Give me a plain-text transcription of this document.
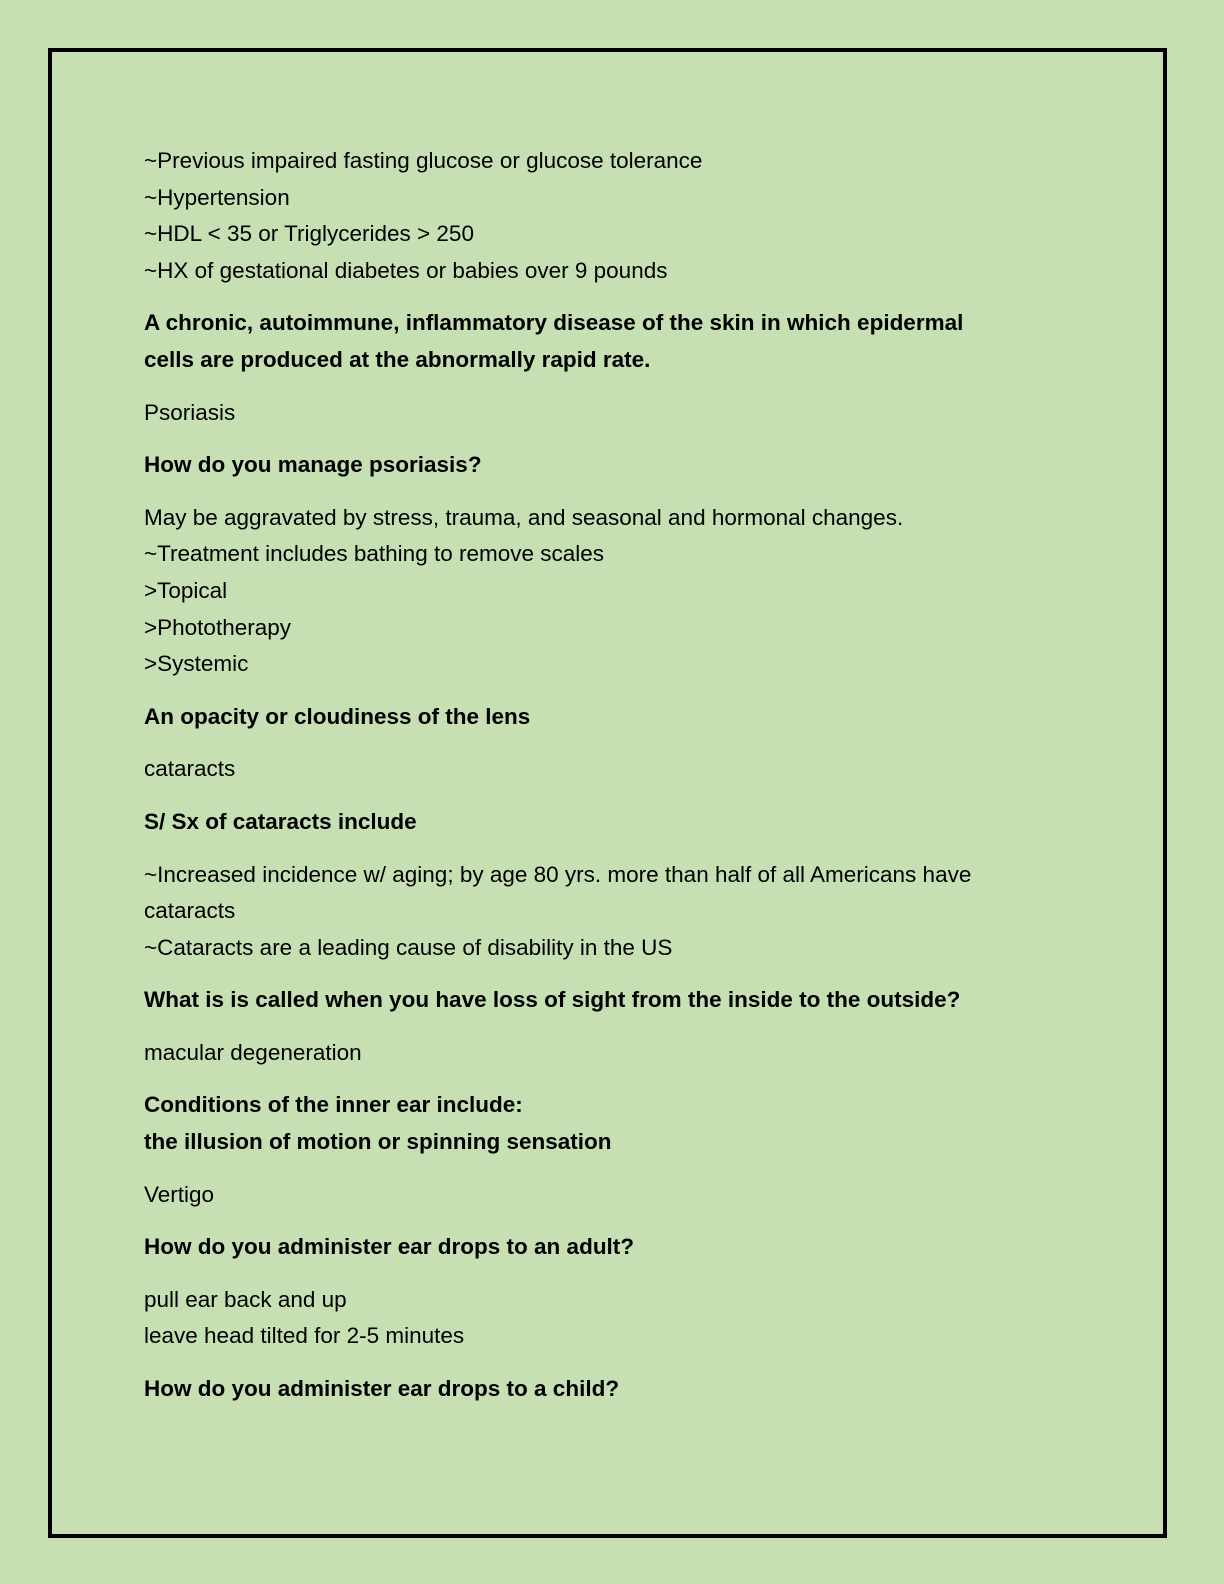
~Previous impaired fasting glucose or glucose tolerance
~Hypertension
~HDL < 35 or Triglycerides > 250
~HX of gestational diabetes or babies over 9 pounds
A chronic, autoimmune, inflammatory disease of the skin in which epidermal
cells are produced at the abnormally rapid rate.
Psoriasis
How do you manage psoriasis?
May be aggravated by stress, trauma, and seasonal and hormonal changes.
~Treatment includes bathing to remove scales
>Topical
>Phototherapy
>Systemic
An opacity or cloudiness of the lens
cataracts
S/ Sx of cataracts include
~Increased incidence w/ aging; by age 80 yrs. more than half of all Americans have
cataracts
~Cataracts are a leading cause of disability in the US
What is is called when you have loss of sight from the inside to the outside?
macular degeneration
Conditions of the inner ear include:
the illusion of motion or spinning sensation
Vertigo
How do you administer ear drops to an adult?
pull ear back and up
leave head tilted for 2-5 minutes
How do you administer ear drops to a child?
